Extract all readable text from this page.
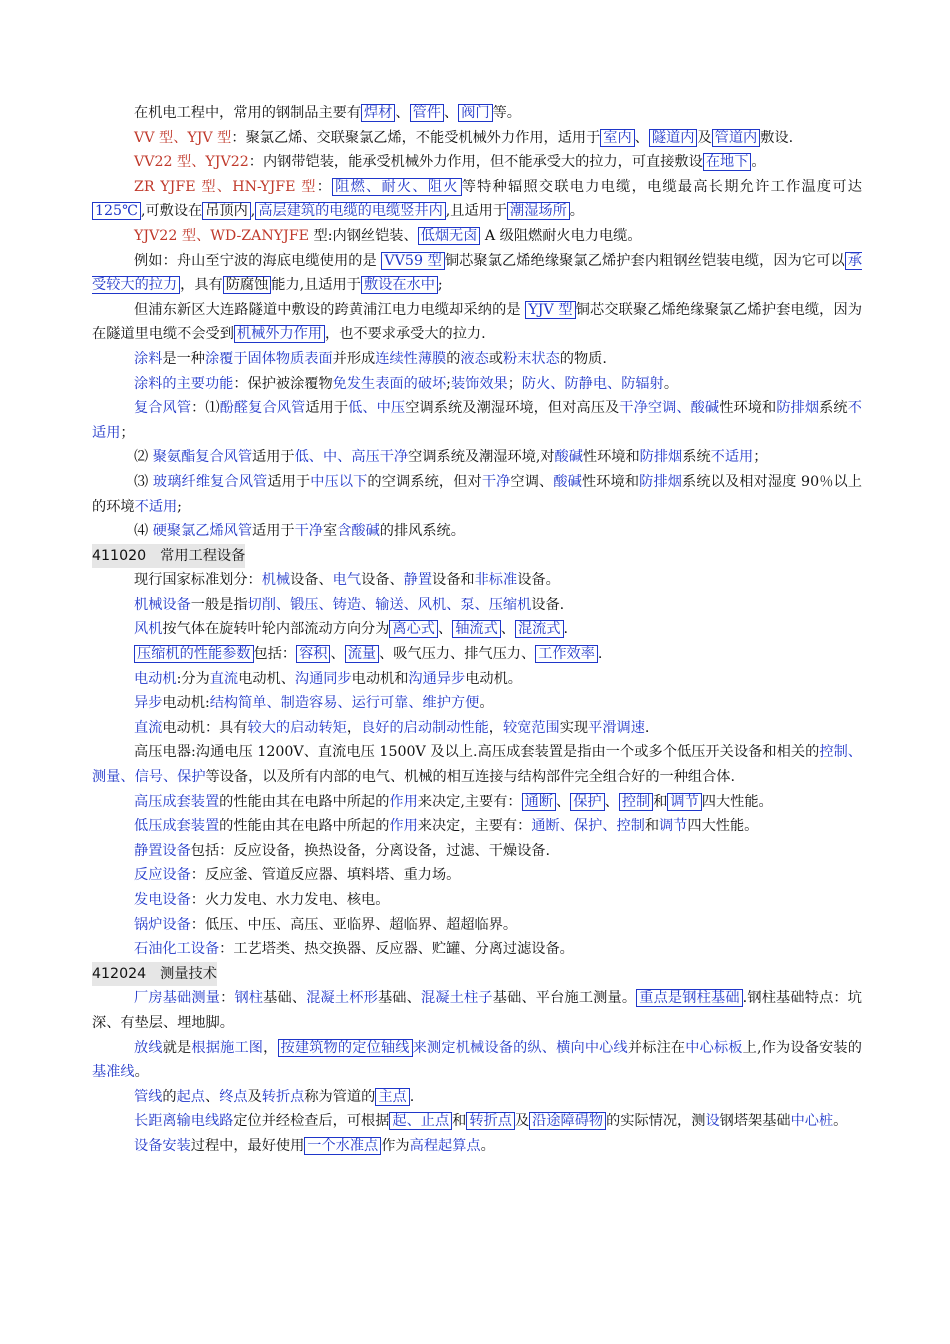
在机电工程中，常用的钢制品主要有 焊材 、 管件 、 阀门 等。

VV 型、YJV 型：聚氯乙烯、交联聚氯乙烯，不能受机械外力作用，适用于 室内 、 隧道内 及 管道内 敷设.

VV22 型、YJV22：内钢带铠装，能承受机械外力作用，但不能承受大的拉力，可直接敷设 在地下 。

ZR YJFE 型、HN-YJFE 型： 阻燃、耐火、阻火 等特种辐照交联电力电缆，电缆最高长期允许工作温度可达125℃ ,可敷设在 吊顶内 , 高层建筑的电缆的电缆竖井内 ,且适用于 潮湿场所 。

YJV22 型、WD-ZANYJFE 型:内钢丝铠装、 低烟无卤 A 级阻燃耐火电力电缆。

例如：舟山至宁波的海底电缆使用的是 VV59 型 铜芯聚氯乙烯绝缘聚氯乙烯护套内粗钢丝铠装电缆，因为它可以 承受较大的拉力 ，具有 防腐蚀 能力,且适用于 敷设在水中 ;

但浦东新区大连路隧道中敷设的跨黄浦江电力电缆却采纳的是 YJV 型 铜芯交联聚乙烯绝缘聚氯乙烯护套电缆，因为在隧道里电缆不会受到 机械外力作用 ，也不要求承受大的拉力.

涂料是一种涂覆于固体物质表面并形成连续性薄膜的液态或粉末状态的物质.

涂料的主要功能：保护被涂覆物免发生表面的破坏;装饰效果；防火、防静电、防辐射。

复合风管：⑴酚醛复合风管适用于低、中压空调系统及潮湿环境，但对高压及干净空调、酸碱性环境和防排烟系统不适用；

⑵ 聚氨酯复合风管适用于低、中、高压干净空调系统及潮湿环境,对酸碱性环境和防排烟系统不适用；

⑶ 玻璃纤维复合风管适用于中压以下的空调系统，但对干净空调、酸碱性环境和防排烟系统以及相对湿度 90％以上的环境不适用;

⑷ 硬聚氯乙烯风管适用于干净室含酸碱的排风系统。

411020 常用工程设备

现行国家标准划分：机械设备、电气设备、静置设备和非标准设备。

机械设备一般是指切削、锻压、铸造、输送、风机、泵、压缩机设备.

风机按气体在旋转叶轮内部流动方向分为 离心式 、 轴流式 、 混流式 .

压缩机的性能参数 包括： 容积 、 流量 、吸气压力、排气压力、 工作效率 .

电动机:分为直流电动机、沟通同步电动机和沟通异步电动机。

异步电动机:结构简单、制造容易、运行可靠、维护方便。

直流电动机：具有较大的启动转矩，良好的启动制动性能，较宽范围实现平滑调速.

高压电器:沟通电压 1200V、直流电压 1500V 及以上.高压成套装置是指由一个或多个低压开关设备和相关的控制、测量、信号、保护等设备，以及所有内部的电气、机械的相互连接与结构部件完全组合好的一种组合体.

高压成套装置的性能由其在电路中所起的作用来决定,主要有： 通断 、 保护 、 控制 和 调节 四大性能。

低压成套装置的性能由其在电路中所起的作用来决定，主要有：通断、保护、控制和调节四大性能。

静置设备包括：反应设备，换热设备，分离设备，过滤、干燥设备.

反应设备：反应釜、管道反应器、填料塔、重力场。

发电设备：火力发电、水力发电、核电。

锅炉设备：低压、中压、高压、亚临界、超临界、超超临界。

石油化工设备：工艺塔类、热交换器、反应器、贮罐、分离过滤设备。

412024 测量技术

厂房基础测量：钢柱基础、混凝土杯形基础、混凝土柱子基础、平台施工测量。 重点是钢柱基础 .钢柱基础特点：坑深、有垫层、埋地脚。

放线就是根据施工图， 按建筑物的定位轴线 来测定机械设备的纵、横向中心线并标注在中心标板上,作为设备安装的基准线。

管线的起点、终点及转折点称为管道的 主点 .

长距离输电线路定位并经检查后，可根据 起、止点 和 转折点 及 沿途障碍物 的实际情况，测设钢塔架基础中心桩。

设备安装过程中，最好使用 一个水准点 作为高程起算点。
